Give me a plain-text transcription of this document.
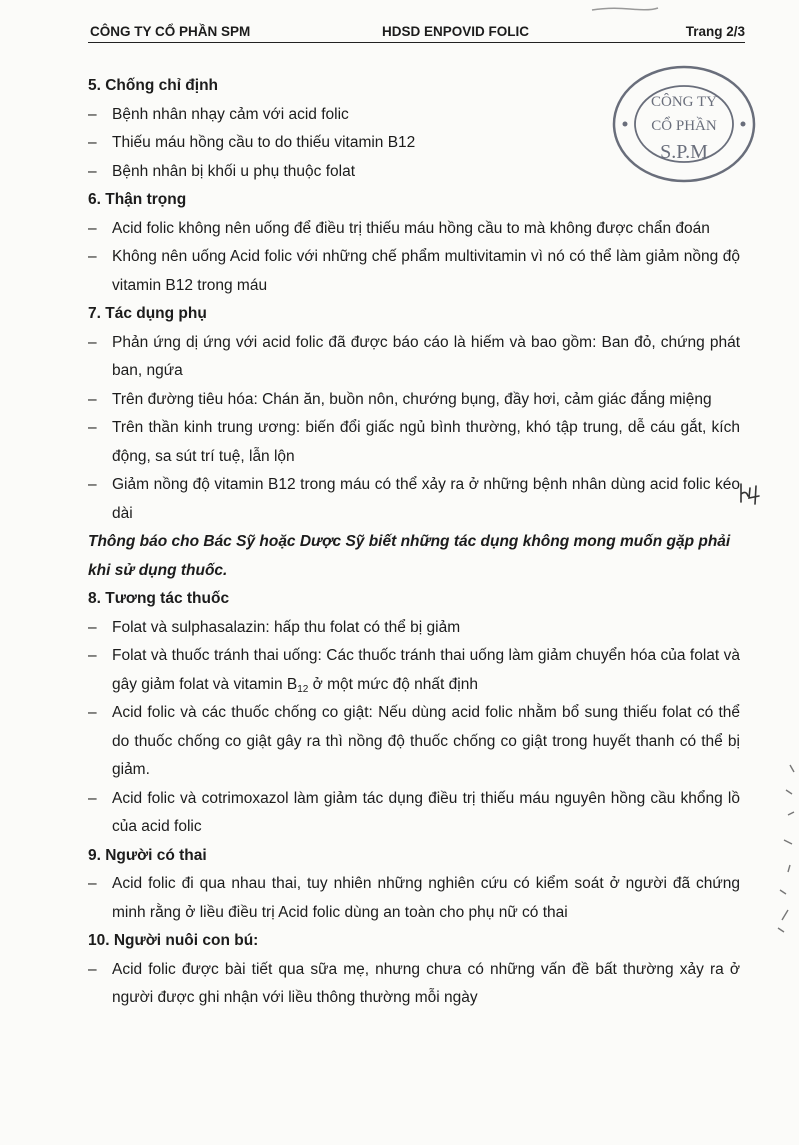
CÔNG TY CỔ PHẦN SPM	HDSD ENPOVID FOLIC	Trang 2/3
CÔNG TY
CỔ PHẦN
S.P.M

5. Chống chỉ định

– Bệnh nhân nhạy cảm với acid folic

– Thiếu máu hồng cầu to do thiếu vitamin B12

– Bệnh nhân bị khối u phụ thuộc folat

6. Thận trọng

– Acid folic không nên uống để điều trị thiếu máu hồng cầu to mà không được chẩn đoán

– Không nên uống Acid folic với những chế phẩm multivitamin vì nó có thể làm giảm nồng độ vitamin B12 trong máu

7. Tác dụng phụ

– Phản ứng dị ứng với acid folic đã được báo cáo là hiếm và bao gồm: Ban đỏ, chứng phát ban, ngứa

– Trên đường tiêu hóa: Chán ăn, buồn nôn, chướng bụng, đầy hơi, cảm giác đắng miệng

– Trên thần kinh trung ương: biến đổi giấc ngủ bình thường, khó tập trung, dễ cáu gắt, kích động, sa sút trí tuệ, lẫn lộn

– Giảm nồng độ vitamin B12 trong máu có thể xảy ra ở những bệnh nhân dùng acid folic kéo dài

Thông báo cho Bác Sỹ hoặc Dược Sỹ biết những tác dụng không mong muốn gặp phải khi sử dụng thuốc.

8. Tương tác thuốc

– Folat và sulphasalazin: hấp thu folat có thể bị giảm

– Folat và thuốc tránh thai uống: Các thuốc tránh thai uống làm giảm chuyển hóa của folat và gây giảm folat và vitamin $B_{12}$ ở một mức độ nhất định

– Acid folic và các thuốc chống co giật: Nếu dùng acid folic nhằm bổ sung thiếu folat có thể do thuốc chống co giật gây ra thì nồng độ thuốc chống co giật trong huyết thanh có thể bị giảm.

– Acid folic và cotrimoxazol làm giảm tác dụng điều trị thiếu máu nguyên hồng cầu khổng lồ của acid folic

9. Người có thai

– Acid folic đi qua nhau thai, tuy nhiên những nghiên cứu có kiểm soát ở người đã chứng minh rằng ở liều điều trị Acid folic dùng an toàn cho phụ nữ có thai

10. Người nuôi con bú:

– Acid folic được bài tiết qua sữa mẹ, nhưng chưa có những vấn đề bất thường xảy ra ở người được ghi nhận với liều thông thường mỗi ngày
